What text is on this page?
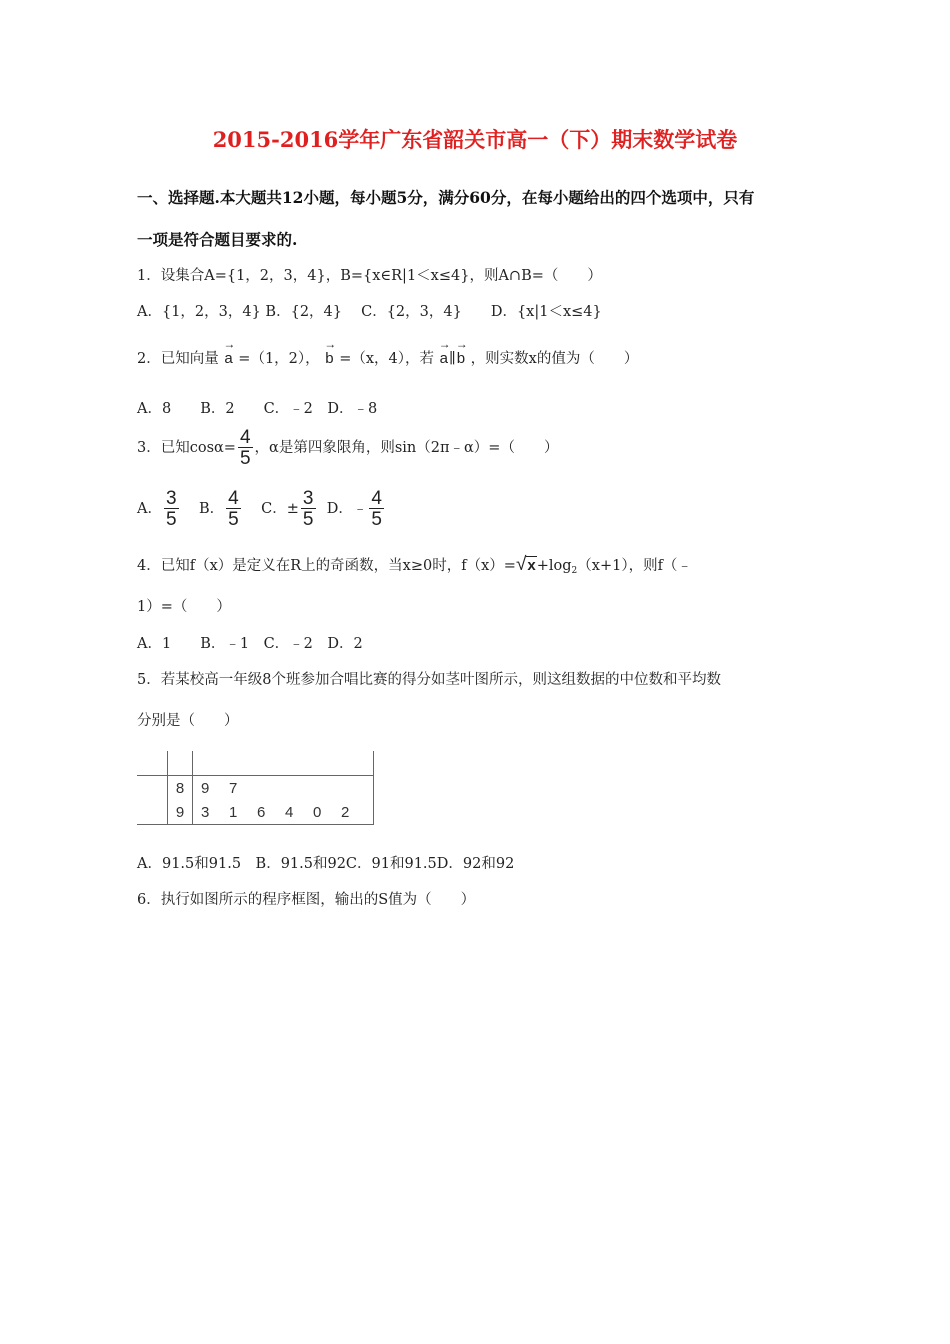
2015-2016学年广东省韶关市高一（下）期末数学试卷
一、选择题.本大题共12小题，每小题5分，满分60分，在每小题给出的四个选项中，只有
一项是符合题目要求的.
1．设集合A={1，2，3，4}，B={x∈R|1＜x≤4}，则A∩B=（　　）
A．{1，2，3，4} B．{2，4}　 C．{2，3，4}　　D．{x|1＜x≤4}
2．已知向量
→
a =（1，2），
→
b =（x，4），若
→
a∥
→
b ，则实数x的值为（　　）
A．8　　B．2　　C．﹣2　D．﹣8
3．已知$\cos\alpha= \frac{4}{5}$ ，α是第四象限角，则sin（2π﹣α）=（　　）
A． $\frac{3}{5}$ B． $\frac{4}{5}$ C．± $\frac{3}{5}$ D．﹣ $\frac{4}{5}$
4．已知f（x）是定义在R上的奇函数，当x≥0时，$f(x)=√x+\log_2(x+1)$，则f（﹣
1）=（　　）
A．1　　B．﹣1　C．﹣2　D．2
5．若某校高一年级8个班参加合唱比赛的得分如茎叶图所示，则这组数据的中位数和平均数
分别是（　　）

	8	9 7
	9	3 1 6 4 0 2
A．91.5和91.5　B．91.5和92C．91和91.5D．92和92
6．执行如图所示的程序框图，输出的S值为（　　）
